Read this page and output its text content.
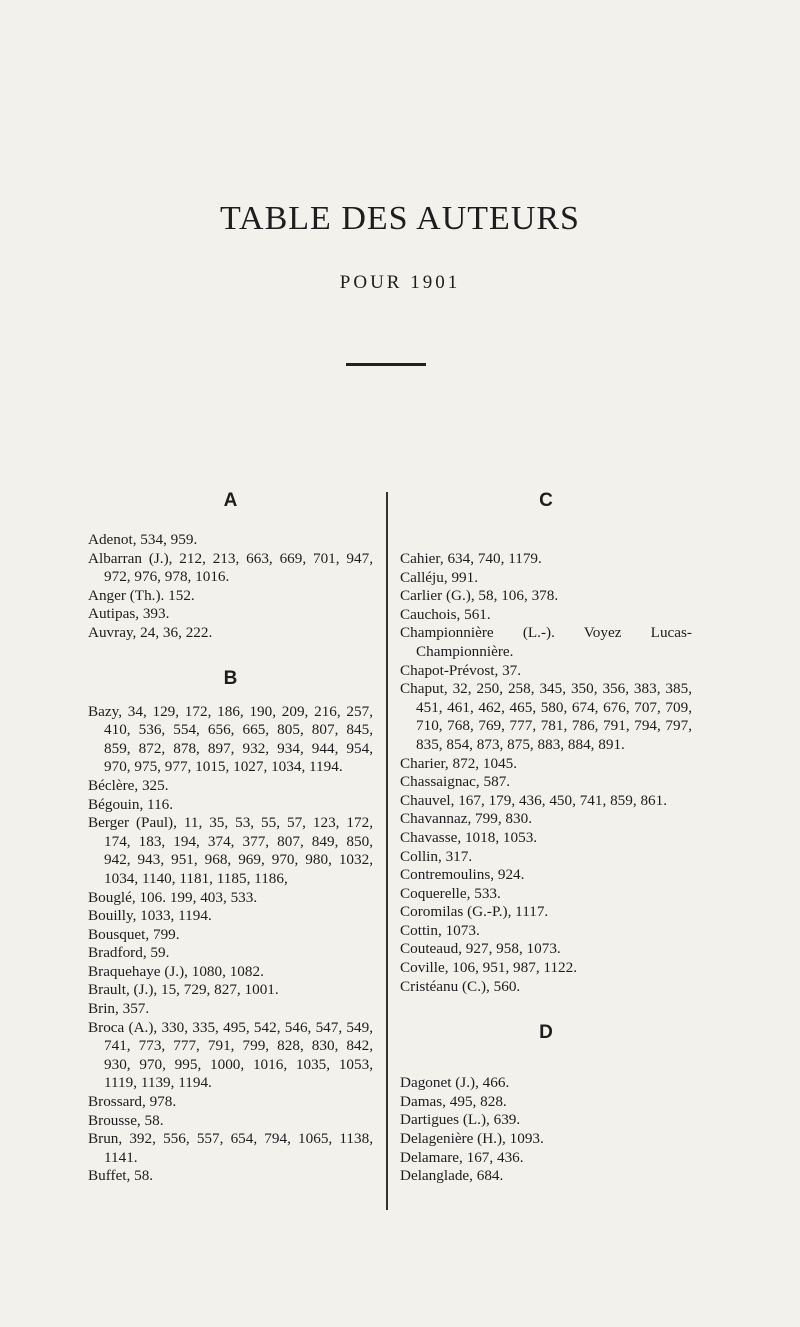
TABLE DES AUTEURS
POUR 1901
A

Adenot, 534, 959.

Albarran (J.), 212, 213, 663, 669, 701, 947, 972, 976, 978, 1016.

Anger (Th.). 152.

Autipas, 393.

Auvray, 24, 36, 222.

B

Bazy, 34, 129, 172, 186, 190, 209, 216, 257, 410, 536, 554, 656, 665, 805, 807, 845, 859, 872, 878, 897, 932, 934, 944, 954, 970, 975, 977, 1015, 1027, 1034, 1194.

Béclère, 325.

Bégouin, 116.

Berger (Paul), 11, 35, 53, 55, 57, 123, 172, 174, 183, 194, 374, 377, 807, 849, 850, 942, 943, 951, 968, 969, 970, 980, 1032, 1034, 1140, 1181, 1185, 1186,

Bouglé, 106. 199, 403, 533.

Bouilly, 1033, 1194.

Bousquet, 799.

Bradford, 59.

Braquehaye (J.), 1080, 1082.

Brault, (J.), 15, 729, 827, 1001.

Brin, 357.

Broca (A.), 330, 335, 495, 542, 546, 547, 549, 741, 773, 777, 791, 799, 828, 830, 842, 930, 970, 995, 1000, 1016, 1035, 1053, 1119, 1139, 1194.

Brossard, 978.

Brousse, 58.

Brun, 392, 556, 557, 654, 794, 1065, 1138, 1141.

Buffet, 58.

C

Cahier, 634, 740, 1179.

Calléju, 991.

Carlier (G.), 58, 106, 378.

Cauchois, 561.

Championnière (L.-). Voyez Lucas-Championnière.

Chapot-Prévost, 37.

Chaput, 32, 250, 258, 345, 350, 356, 383, 385, 451, 461, 462, 465, 580, 674, 676, 707, 709, 710, 768, 769, 777, 781, 786, 791, 794, 797, 835, 854, 873, 875, 883, 884, 891.

Charier, 872, 1045.

Chassaignac, 587.

Chauvel, 167, 179, 436, 450, 741, 859, 861.

Chavannaz, 799, 830.

Chavasse, 1018, 1053.

Collin, 317.

Contremoulins, 924.

Coquerelle, 533.

Coromilas (G.-P.), 1117.

Cottin, 1073.

Couteaud, 927, 958, 1073.

Coville, 106, 951, 987, 1122.

Cristéanu (C.), 560.

D

Dagonet (J.), 466.

Damas, 495, 828.

Dartigues (L.), 639.

Delagenière (H.), 1093.

Delamare, 167, 436.

Delanglade, 684.
